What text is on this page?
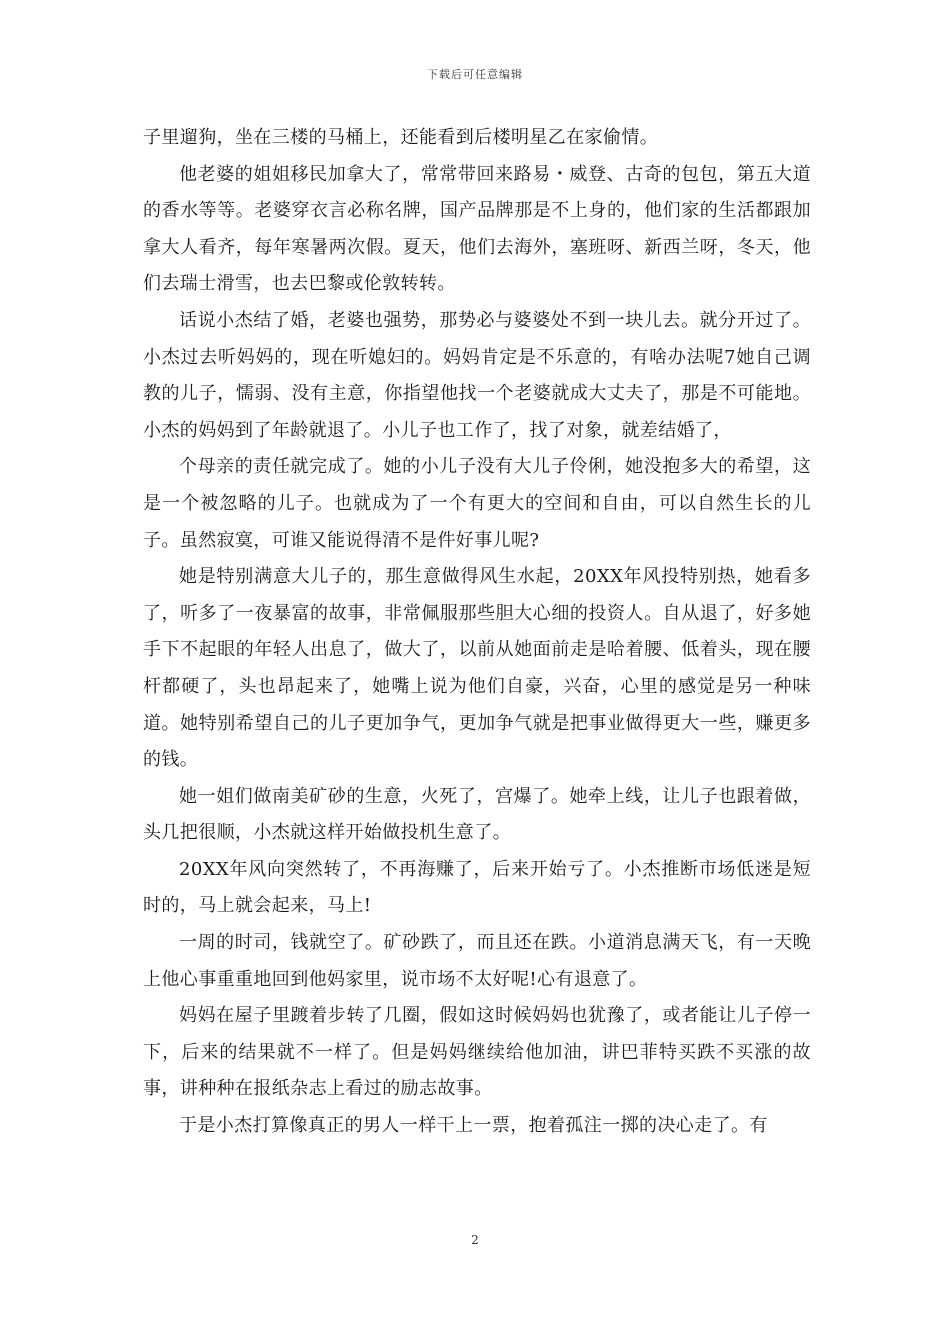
下载后可任意编辑

子里遛狗，坐在三楼的马桶上，还能看到后楼明星乙在家偷情。

他老婆的姐姐移民加拿大了，常常带回来路易・威登、古奇的包包，第五大道的香水等等。老婆穿衣言必称名牌，国产品牌那是不上身的，他们家的生活都跟加拿大人看齐，每年寒暑两次假。夏天，他们去海外，塞班呀、新西兰呀，冬天，他们去瑞士滑雪，也去巴黎或伦敦转转。

话说小杰结了婚，老婆也强势，那势必与婆婆处不到一块儿去。就分开过了。小杰过去听妈妈的，现在听媳妇的。妈妈肯定是不乐意的，有啥办法呢7她自己调教的儿子，懦弱、没有主意，你指望他找一个老婆就成大丈夫了，那是不可能地。小杰的妈妈到了年龄就退了。小儿子也工作了，找了对象，就差结婚了，

个母亲的责任就完成了。她的小儿子没有大儿子伶俐，她没抱多大的希望，这是一个被忽略的儿子。也就成为了一个有更大的空间和自由，可以自然生长的儿子。虽然寂寞，可谁又能说得清不是件好事儿呢?

她是特别满意大儿子的，那生意做得风生水起，20XX年风投特别热，她看多了，听多了一夜暴富的故事，非常佩服那些胆大心细的投资人。自从退了，好多她手下不起眼的年轻人出息了，做大了，以前从她面前走是哈着腰、低着头，现在腰杆都硬了，头也昂起来了，她嘴上说为他们自豪，兴奋，心里的感觉是另一种味道。她特别希望自己的儿子更加争气，更加争气就是把事业做得更大一些，赚更多的钱。

她一姐们做南美矿砂的生意，火死了，宫爆了。她牵上线，让儿子也跟着做，头几把很顺，小杰就这样开始做投机生意了。

20XX年风向突然转了，不再海赚了，后来开始亏了。小杰推断市场低迷是短时的，马上就会起来，马上!

一周的时司，钱就空了。矿砂跌了，而且还在跌。小道消息满天飞，有一天晚上他心事重重地回到他妈家里，说市场不太好呢!心有退意了。

妈妈在屋子里踱着步转了几圈，假如这时候妈妈也犹豫了，或者能让儿子停一下，后来的结果就不一样了。但是妈妈继续给他加油，讲巴菲特买跌不买涨的故事，讲种种在报纸杂志上看过的励志故事。

于是小杰打算像真正的男人一样干上一票，抱着孤注一掷的决心走了。有

2
